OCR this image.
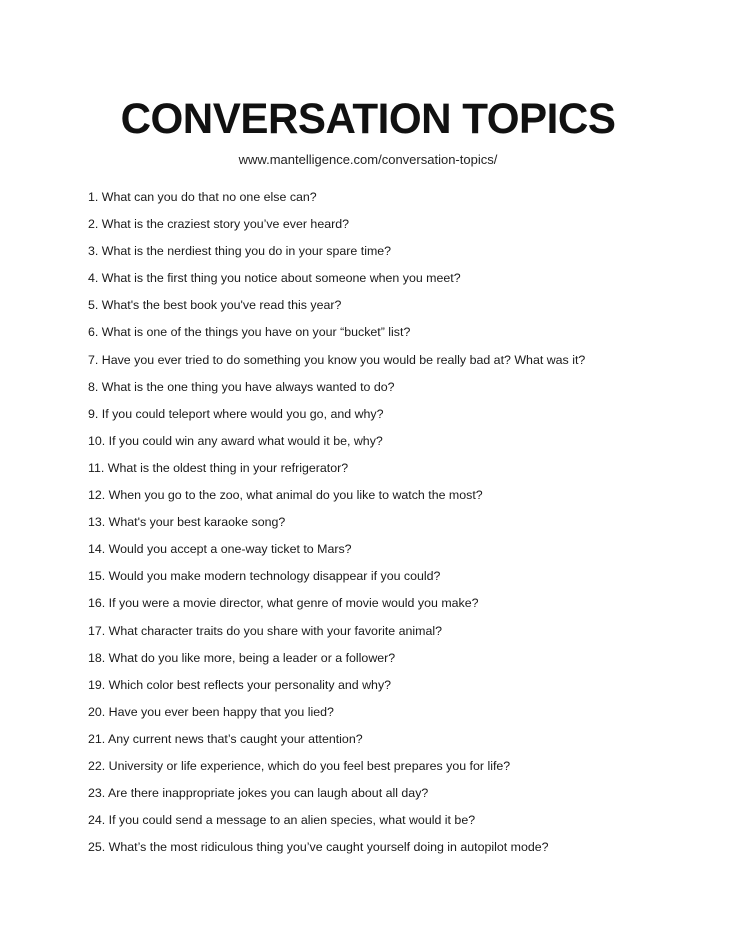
CONVERSATION TOPICS
www.mantelligence.com/conversation-topics/
1. What can you do that no one else can?
2. What is the craziest story you’ve ever heard?
3. What is the nerdiest thing you do in your spare time?
4. What is the first thing you notice about someone when you meet?
5. What's the best book you've read this year?
6. What is one of the things you have on your “bucket” list?
7. Have you ever tried to do something you know you would be really bad at? What was it?
8. What is the one thing you have always wanted to do?
9. If you could teleport where would you go, and why?
10. If you could win any award what would it be, why?
11. What is the oldest thing in your refrigerator?
12. When you go to the zoo, what animal do you like to watch the most?
13. What's your best karaoke song?
14. Would you accept a one-way ticket to Mars?
15. Would you make modern technology disappear if you could?
16. If you were a movie director, what genre of movie would you make?
17. What character traits do you share with your favorite animal?
18. What do you like more, being a leader or a follower?
19. Which color best reflects your personality and why?
20. Have you ever been happy that you lied?
21. Any current news that’s caught your attention?
22. University or life experience, which do you feel best prepares you for life?
23. Are there inappropriate jokes you can laugh about all day?
24. If you could send a message to an alien species, what would it be?
25. What’s the most ridiculous thing you’ve caught yourself doing in autopilot mode?
